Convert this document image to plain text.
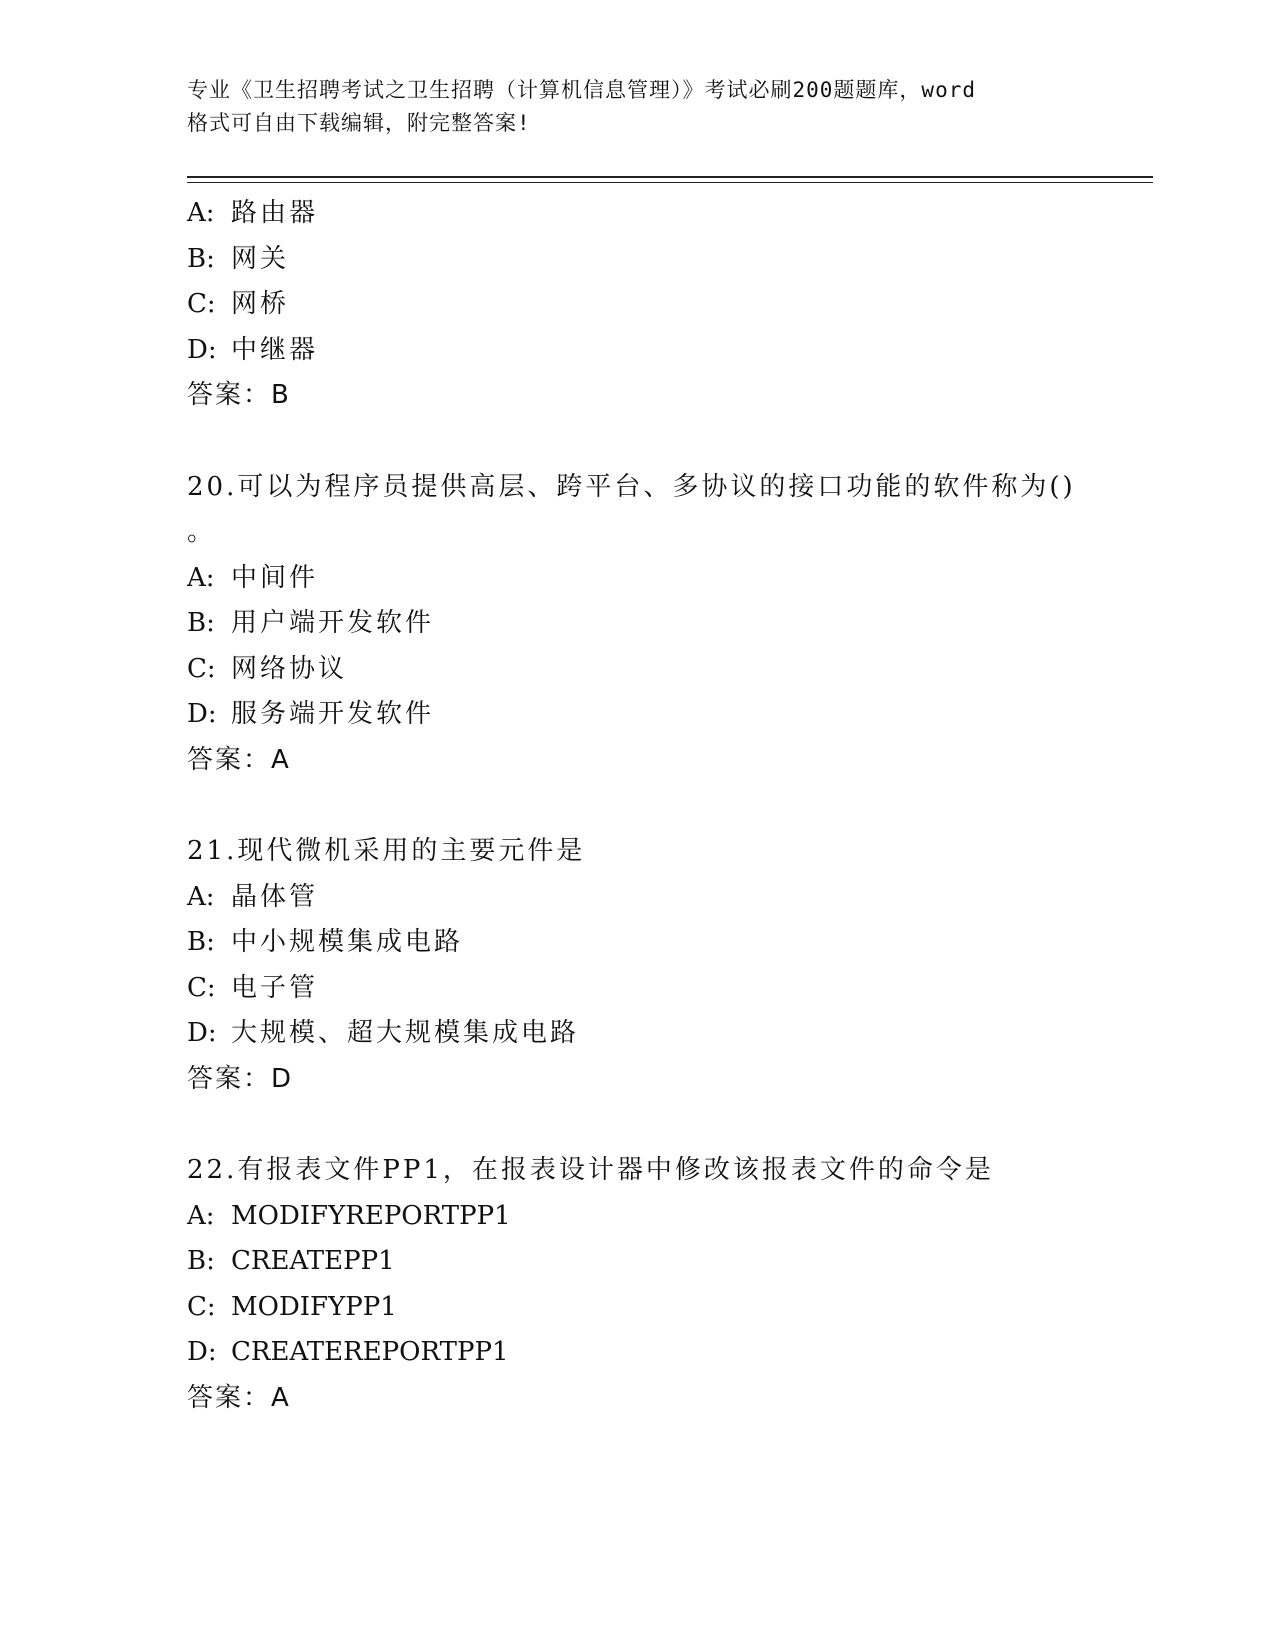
专业《卫生招聘考试之卫生招聘（计算机信息管理）》考试必刷200题题库，word
格式可自由下载编辑，附完整答案!
A: 路由器
B: 网关
C: 网桥
D: 中继器
答案：B
20.可以为程序员提供高层、跨平台、多协议的接口功能的软件称为()
。
A: 中间件
B: 用户端开发软件
C: 网络协议
D: 服务端开发软件
答案：A
21.现代微机采用的主要元件是
A: 晶体管
B: 中小规模集成电路
C: 电子管
D: 大规模、超大规模集成电路
答案：D
22.有报表文件PP1，在报表设计器中修改该报表文件的命令是
A: MODIFYREPORTPP1
B: CREATEPP1
C: MODIFYPP1
D: CREATEREPORTPP1
答案：A
